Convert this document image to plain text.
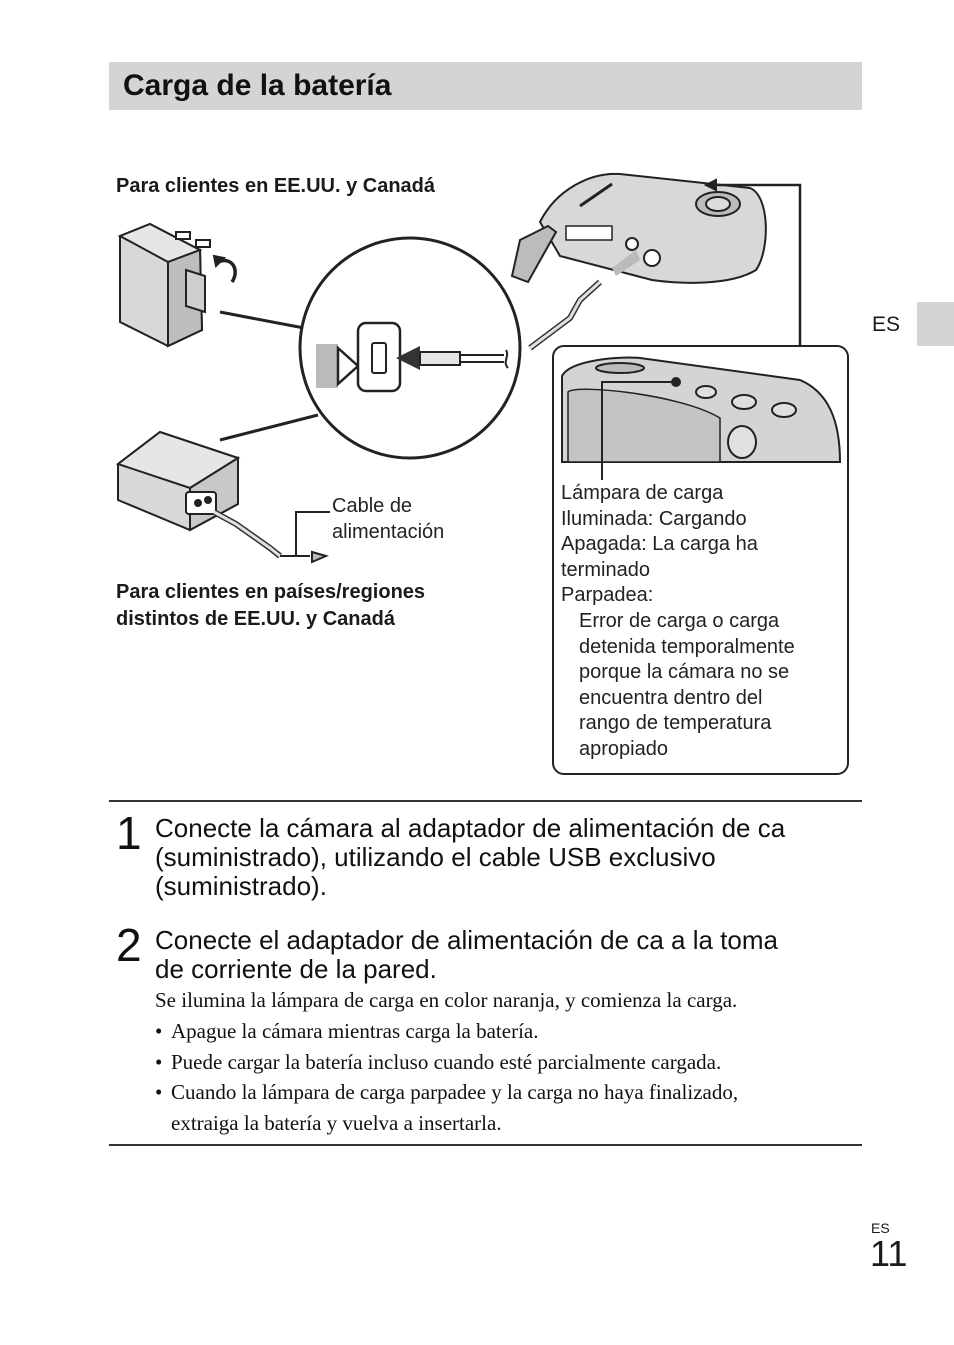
Carga de la batería
ES
Para clientes en EE.UU. y Canadá
Para clientes en países/regiones
distintos de EE.UU. y Canadá
Cable de
alimentación
Lámpara de carga
Iluminada: Cargando
Apagada: La carga ha
terminado
Parpadea:
Error de carga o carga
detenida temporalmente
porque la cámara no se
encuentra dentro del
rango de temperatura
apropiado
1 Conecte la cámara al adaptador de alimentación de ca
(suministrado), utilizando el cable USB exclusivo
(suministrado).
2 Conecte el adaptador de alimentación de ca a la toma
de corriente de la pared.
Se ilumina la lámpara de carga en color naranja, y comienza la carga.
• Apague la cámara mientras carga la batería.
• Puede cargar la batería incluso cuando esté parcialmente cargada.
• Cuando la lámpara de carga parpadee y la carga no haya finalizado,
extraiga la batería y vuelva a insertarla.
ES
11
